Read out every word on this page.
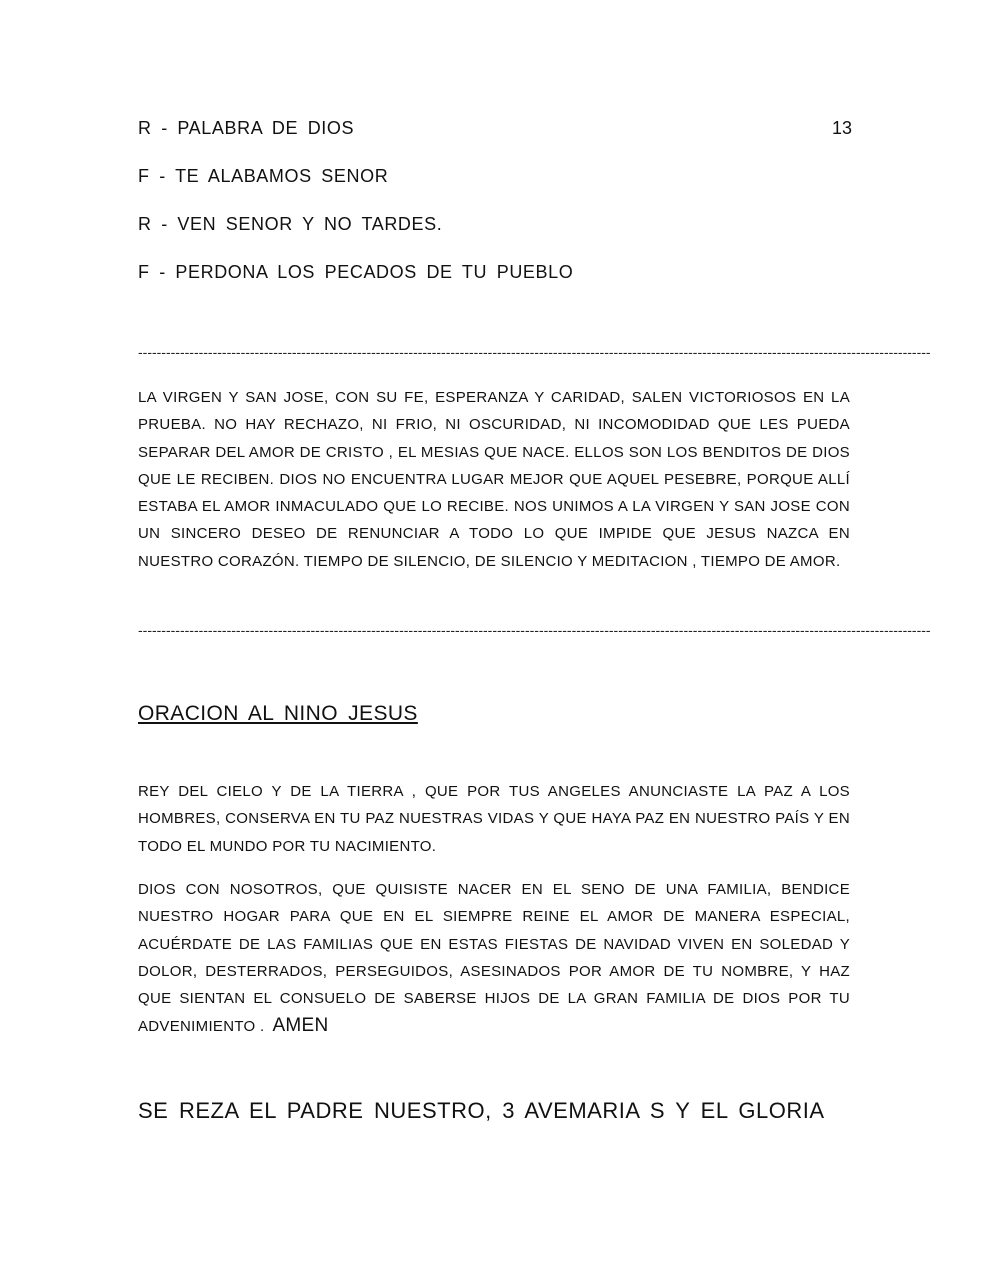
R - PALABRA DE DIOS	13
F - TE ALABAMOS SENOR
R - VEN SENOR Y NO TARDES.
F - PERDONA LOS PECADOS DE TU PUEBLO
--------------------------------------------------------------------------------------------------------------------------------------------------------------------------
LA VIRGEN Y SAN JOSE, CON SU FE, ESPERANZA Y CARIDAD, SALEN VICTORIOSOS EN LA PRUEBA. NO HAY RECHAZO, NI FRIO, NI OSCURIDAD, NI INCOMODIDAD QUE LES PUEDA SEPARAR DEL AMOR DE CRISTO , EL MESIAS QUE NACE. ELLOS SON LOS BENDITOS DE DIOS QUE LE RECIBEN. DIOS NO ENCUENTRA LUGAR MEJOR QUE AQUEL PESEBRE, PORQUE ALLÍ ESTABA EL AMOR INMACULADO QUE LO RECIBE. NOS UNIMOS A LA VIRGEN Y SAN JOSE CON UN SINCERO DESEO DE RENUNCIAR A TODO LO QUE IMPIDE QUE JESUS NAZCA EN NUESTRO CORAZÓN. TIEMPO DE SILENCIO, DE SILENCIO Y MEDITACION , TIEMPO DE AMOR.
--------------------------------------------------------------------------------------------------------------------------------------------------------------------------
ORACION AL NINO JESUS
REY DEL CIELO Y DE LA TIERRA , QUE POR TUS ANGELES ANUNCIASTE LA PAZ A LOS HOMBRES, CONSERVA EN TU PAZ NUESTRAS VIDAS Y QUE HAYA PAZ EN NUESTRO PAÍS Y EN TODO EL MUNDO POR TU NACIMIENTO.
DIOS CON NOSOTROS, QUE QUISISTE NACER EN EL SENO DE UNA FAMILIA, BENDICE NUESTRO HOGAR PARA QUE EN EL SIEMPRE REINE EL AMOR DE MANERA ESPECIAL, ACUÉRDATE DE LAS FAMILIAS QUE EN ESTAS FIESTAS DE NAVIDAD VIVEN EN SOLEDAD Y DOLOR, DESTERRADOS, PERSEGUIDOS, ASESINADOS POR AMOR DE TU NOMBRE, Y HAZ QUE SIENTAN EL CONSUELO DE SABERSE HIJOS DE LA GRAN FAMILIA DE DIOS POR TU ADVENIMIENTO . AMEN
SE REZA EL PADRE NUESTRO, 3 AVEMARIA S Y EL GLORIA
